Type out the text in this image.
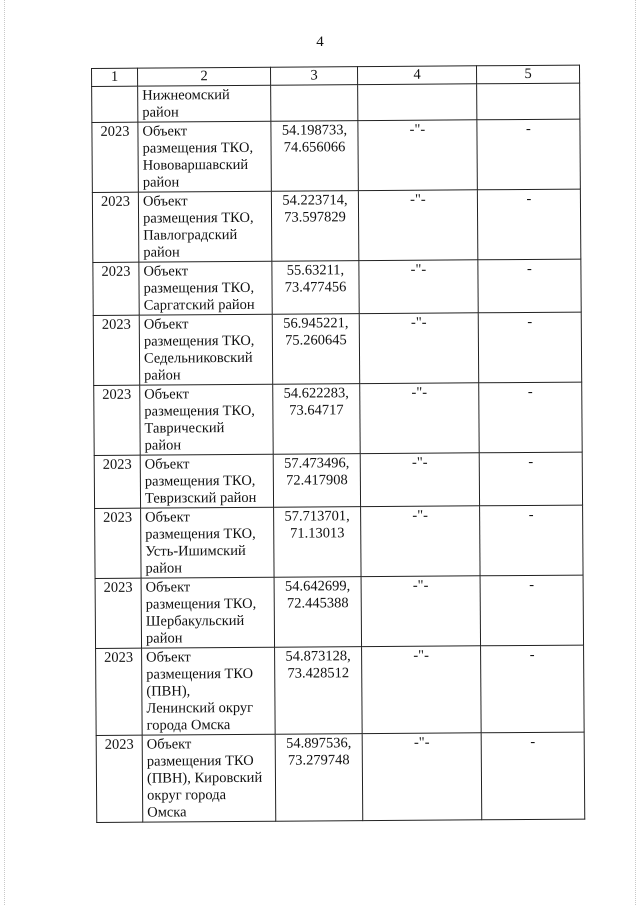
4
1	2	3	4	5
	Нижнеомский
район			
2023	Объект
размещения ТКО,
Нововаршавский
район	54.198733,
74.656066	-"-	-
2023	Объект
размещения ТКО,
Павлоградский
район	54.223714,
73.597829	-"-	-
2023	Объект
размещения ТКО,
Саргатский район	55.63211,
73.477456	-"-	-
2023	Объект
размещения ТКО,
Седельниковский
район	56.945221,
75.260645	-"-	-
2023	Объект
размещения ТКО,
Таврический
район	54.622283,
73.64717	-"-	-
2023	Объект
размещения ТКО,
Тевризский район	57.473496,
72.417908	-"-	-
2023	Объект
размещения ТКО,
Усть-Ишимский
район	57.713701,
71.13013	-"-	-
2023	Объект
размещения ТКО,
Шербакульский
район	54.642699,
72.445388	-"-	-
2023	Объект
размещения ТКО
(ПВН),
Ленинский округ
города Омска	54.873128,
73.428512	-"-	-
2023	Объект
размещения ТКО
(ПВН), Кировский
округ города
Омска	54.897536,
73.279748	-"-	-
